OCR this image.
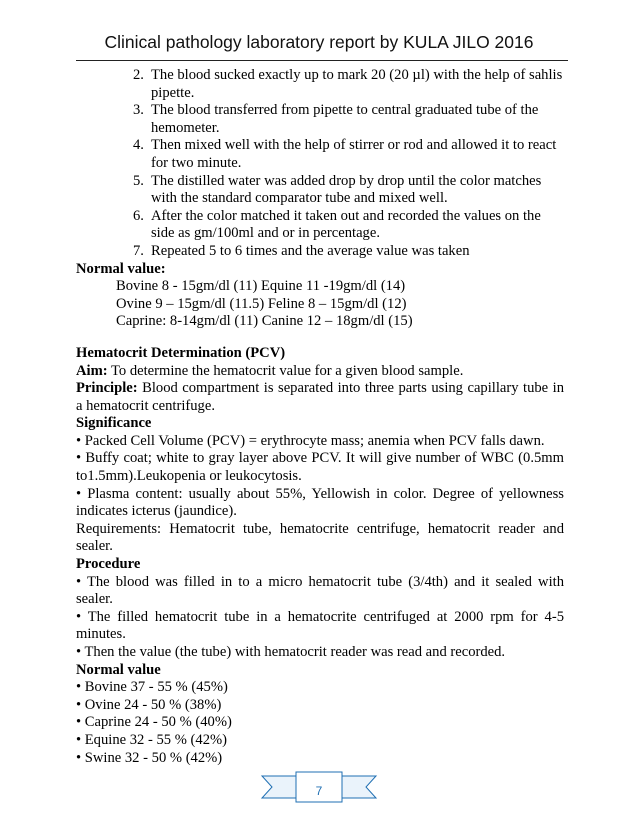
Clinical pathology laboratory report by KULA JILO 2016
2. The blood sucked exactly up to mark 20 (20 µl) with the help of sahlis pipette.
3. The blood transferred from pipette to central graduated tube of the hemometer.
4. Then mixed well with the help of stirrer or rod and allowed it to react for two minute.
5. The distilled water was added drop by drop until the color matches with the standard comparator tube and mixed well.
6. After the color matched it taken out and recorded the values on the side as gm/100ml and or in percentage.
7. Repeated 5 to 6 times and the average value was taken
Normal value:
Bovine 8 - 15gm/dl (11) Equine 11 -19gm/dl (14)
Ovine 9 – 15gm/dl (11.5) Feline 8 – 15gm/dl (12)
Caprine: 8-14gm/dl (11) Canine 12 – 18gm/dl (15)
Hematocrit Determination (PCV)
Aim: To determine the hematocrit value for a given blood sample.
Principle: Blood compartment is separated into three parts using capillary tube in a hematocrit centrifuge.
Significance
• Packed Cell Volume (PCV) = erythrocyte mass; anemia when PCV falls dawn.
• Buffy coat; white to gray layer above PCV. It will give number of WBC (0.5mm to1.5mm).Leukopenia or leukocytosis.
• Plasma content: usually about 55%, Yellowish in color. Degree of yellowness indicates icterus (jaundice).
Requirements: Hematocrit tube, hematocrite centrifuge, hematocrit reader and sealer.
Procedure
• The blood was filled in to a micro hematocrit tube (3/4th) and it sealed with sealer.
• The filled hematocrit tube in a hematocrite centrifuged at 2000 rpm for 4-5 minutes.
• Then the value (the tube) with hematocrit reader was read and recorded.
Normal value
• Bovine 37 - 55 % (45%)
• Ovine 24 - 50 % (38%)
• Caprine 24 - 50 % (40%)
• Equine 32 - 55 % (42%)
• Swine 32 - 50 % (42%)
7
